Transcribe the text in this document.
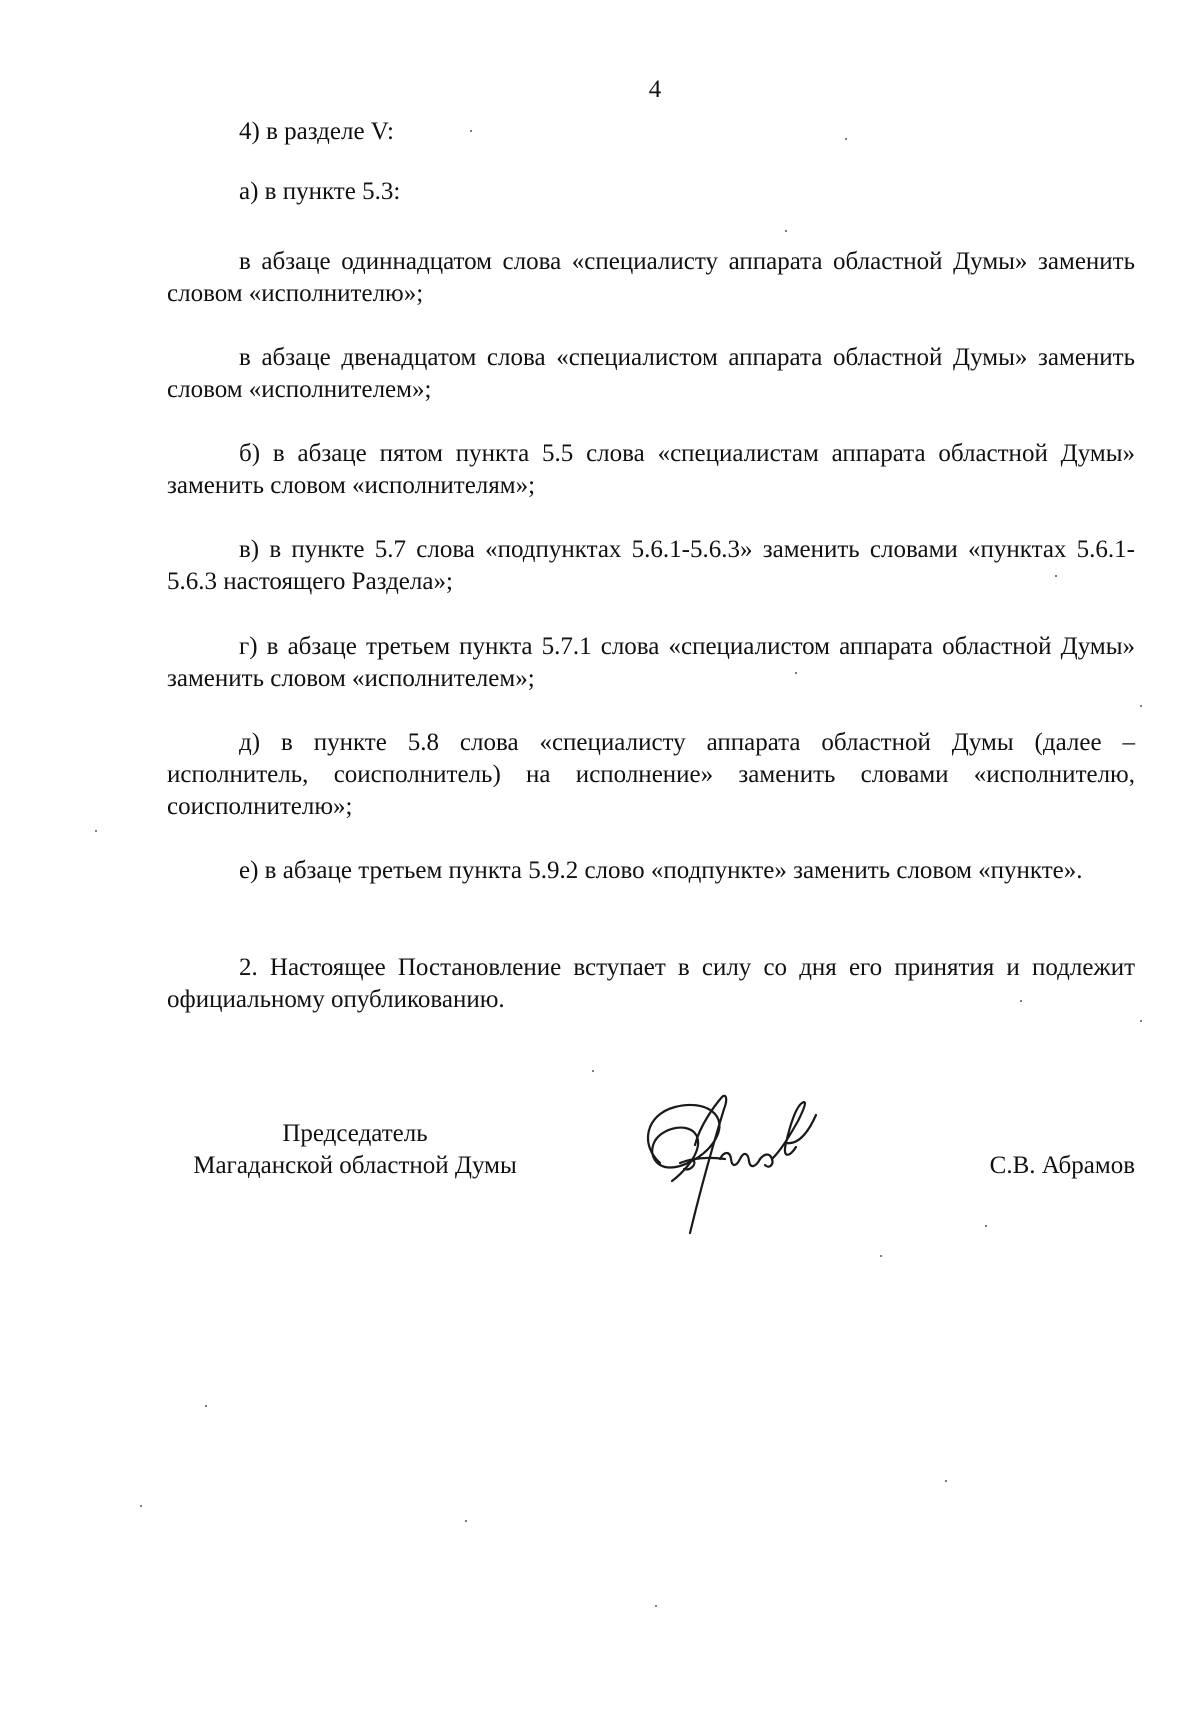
4

4) в разделе V:

а) в пункте 5.3:

в абзаце одиннадцатом слова «специалисту аппарата областной Думы» заменить словом «исполнителю»;

в абзаце двенадцатом слова «специалистом аппарата областной Думы» заменить словом «исполнителем»;

б) в абзаце пятом пункта 5.5 слова «специалистам аппарата областной Думы» заменить словом «исполнителям»;

в) в пункте 5.7 слова «подпунктах 5.6.1-5.6.3» заменить словами «пунктах 5.6.1-5.6.3 настоящего Раздела»;

г) в абзаце третьем пункта 5.7.1 слова «специалистом аппарата областной Думы» заменить словом «исполнителем»;

д) в пункте 5.8 слова «специалисту аппарата областной Думы (далее – исполнитель, соисполнитель) на исполнение» заменить словами «исполнителю, соисполнителю»;

е) в абзаце третьем пункта 5.9.2 слово «подпункте» заменить словом «пункте».

2. Настоящее Постановление вступает в силу со дня его принятия и подлежит официальному опубликованию.

Председатель
Магаданской областной Думы	С.В. Абрамов
